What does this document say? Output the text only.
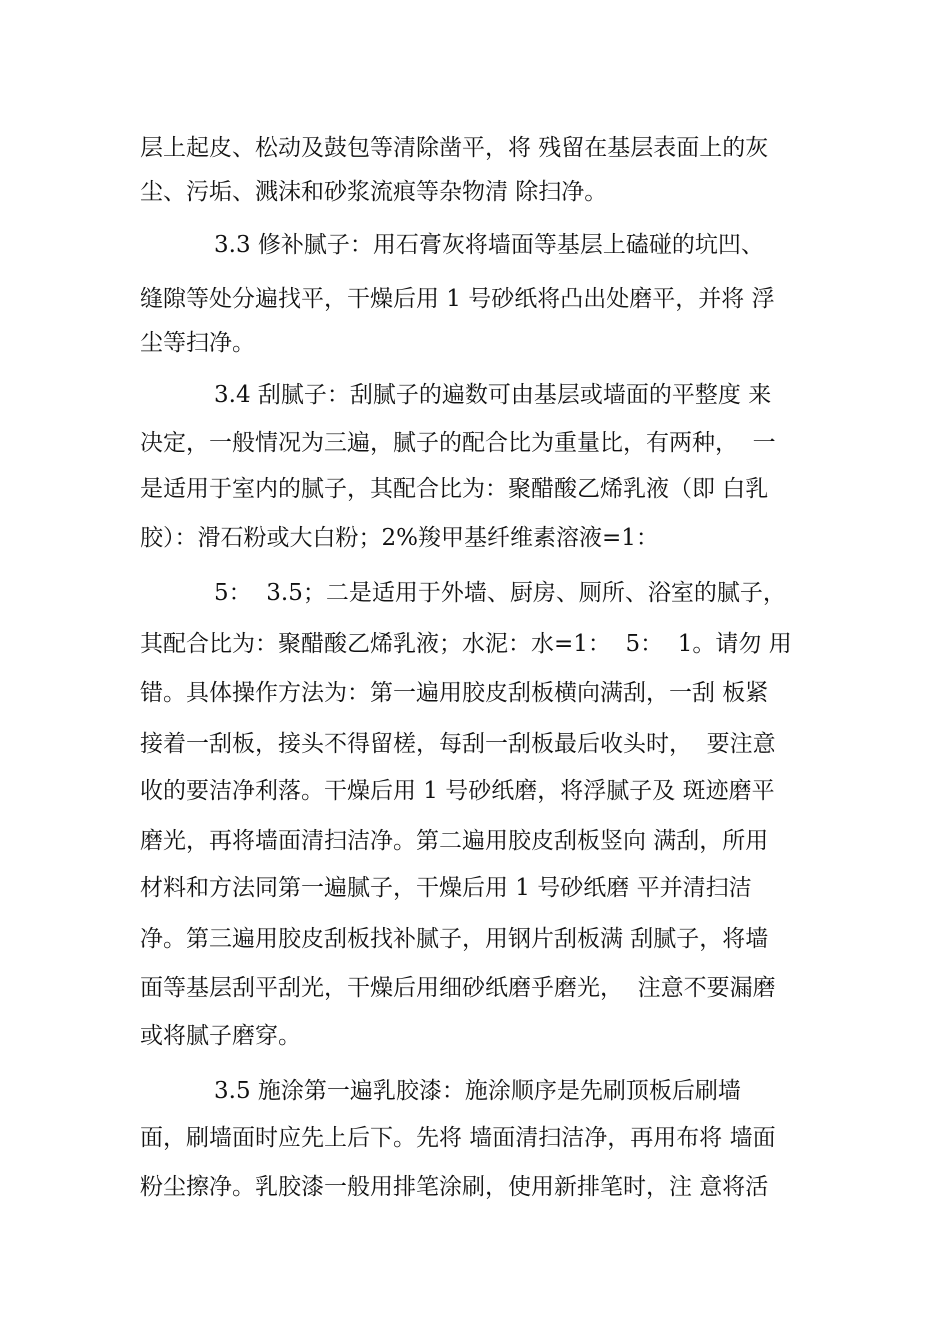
层上起皮、松动及鼓包等清除凿平，将 残留在基层表面上的灰
尘、污垢、溅沫和砂浆流痕等杂物清 除扫净。
3.3 修补腻子：用石膏灰将墙面等基层上磕碰的坑凹、
缝隙等处分遍找平，干燥后用 1 号砂纸将凸出处磨平，并将 浮
尘等扫净。
3.4 刮腻子：刮腻子的遍数可由基层或墙面的平整度 来
决定，一般情况为三遍，腻子的配合比为重量比，有两种，  一
是适用于室内的腻子，其配合比为：聚醋酸乙烯乳液（即 白乳
胶）：滑石粉或大白粉；2%羧甲基纤维素溶液=1：
5：  3.5；二是适用于外墙、厨房、厕所、浴室的腻子，
其配合比为：聚醋酸乙烯乳液；水泥：水=1：  5：  1。请勿 用
错。具体操作方法为：第一遍用胶皮刮板横向满刮，一刮 板紧
接着一刮板，接头不得留槎，每刮一刮板最后收头时，  要注意
收的要洁净利落。干燥后用 1 号砂纸磨，将浮腻子及 斑迹磨平
磨光，再将墙面清扫洁净。第二遍用胶皮刮板竖向 满刮，所用
材料和方法同第一遍腻子，干燥后用 1 号砂纸磨 平并清扫洁
净。第三遍用胶皮刮板找补腻子，用钢片刮板满 刮腻子，将墙
面等基层刮平刮光，干燥后用细砂纸磨乎磨光，  注意不要漏磨
或将腻子磨穿。
3.5 施涂第一遍乳胶漆：施涂顺序是先刷顶板后刷墙
面，刷墙面时应先上后下。先将 墙面清扫洁净，再用布将 墙面
粉尘擦净。乳胶漆一般用排笔涂刷，使用新排笔时，注 意将活
